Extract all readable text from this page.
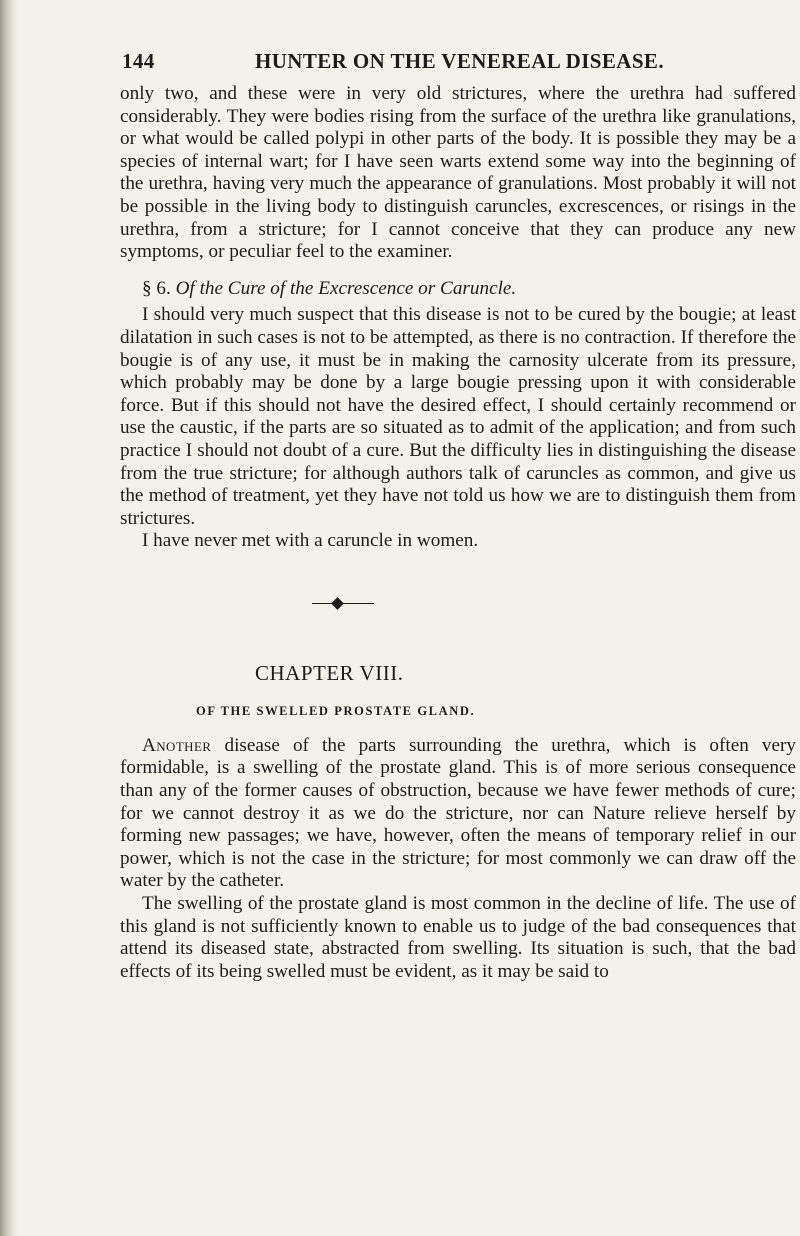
144	HUNTER ON THE VENEREAL DISEASE.

only two, and these were in very old strictures, where the urethra had suffered considerably. They were bodies rising from the surface of the urethra like granulations, or what would be called polypi in other parts of the body. It is possible they may be a species of internal wart; for I have seen warts extend some way into the beginning of the urethra, having very much the appearance of granulations. Most probably it will not be possible in the living body to distinguish caruncles, excrescences, or risings in the urethra, from a stricture; for I cannot conceive that they can produce any new symptoms, or peculiar feel to the examiner.

§ 6. Of the Cure of the Excrescence or Caruncle.

I should very much suspect that this disease is not to be cured by the bougie; at least dilatation in such cases is not to be attempted, as there is no contraction. If therefore the bougie is of any use, it must be in making the carnosity ulcerate from its pressure, which probably may be done by a large bougie pressing upon it with considerable force. But if this should not have the desired effect, I should certainly recommend or use the caustic, if the parts are so situated as to admit of the application; and from such practice I should not doubt of a cure. But the difficulty lies in distinguishing the disease from the true stricture; for although authors talk of caruncles as common, and give us the method of treatment, yet they have not told us how we are to distinguish them from strictures.

I have never met with a caruncle in women.

CHAPTER VIII.
OF THE SWELLED PROSTATE GLAND.

Another disease of the parts surrounding the urethra, which is often very formidable, is a swelling of the prostate gland. This is of more serious consequence than any of the former causes of obstruction, because we have fewer methods of cure; for we cannot destroy it as we do the stricture, nor can Nature relieve herself by forming new passages; we have, however, often the means of temporary relief in our power, which is not the case in the stricture; for most commonly we can draw off the water by the catheter.

The swelling of the prostate gland is most common in the decline of life. The use of this gland is not sufficiently known to enable us to judge of the bad consequences that attend its diseased state, abstracted from swelling. Its situation is such, that the bad effects of its being swelled must be evident, as it may be said to
